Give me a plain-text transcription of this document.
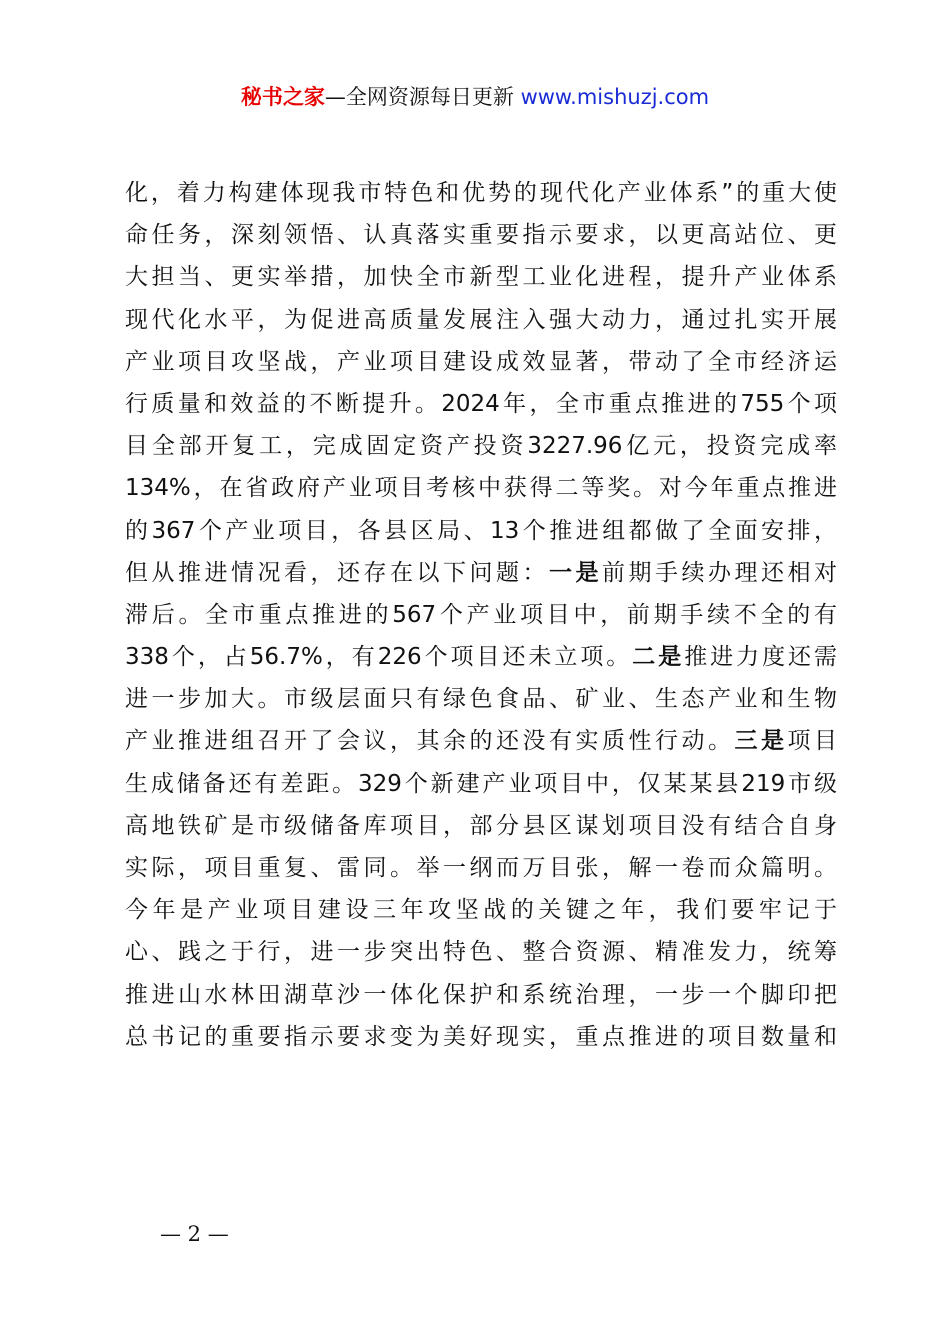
秘书之家—全网资源每日更新 www.mishuzj.com
化，着力构建体现我市特色和优势的现代化产业体系”的重大使
命任务，深刻领悟、认真落实重要指示要求，以更高站位、更
大担当、更实举措，加快全市新型工业化进程，提升产业体系
现代化水平，为促进高质量发展注入强大动力，通过扎实开展
产业项目攻坚战，产业项目建设成效显著，带动了全市经济运
行质量和效益的不断提升。2024年，全市重点推进的755个项
目全部开复工，完成固定资产投资3227.96亿元，投资完成率
134%，在省政府产业项目考核中获得二等奖。对今年重点推进
的367个产业项目，各县区局、13个推进组都做了全面安排，
但从推进情况看，还存在以下问题：一是前期手续办理还相对
滞后。全市重点推进的567个产业项目中，前期手续不全的有
338个，占56.7%，有226个项目还未立项。二是推进力度还需
进一步加大。市级层面只有绿色食品、矿业、生态产业和生物
产业推进组召开了会议，其余的还没有实质性行动。三是项目
生成储备还有差距。329个新建产业项目中，仅某某县219市级
高地铁矿是市级储备库项目，部分县区谋划项目没有结合自身
实际，项目重复、雷同。举一纲而万目张，解一卷而众篇明。
今年是产业项目建设三年攻坚战的关键之年，我们要牢记于
心、践之于行，进一步突出特色、整合资源、精准发力，统筹
推进山水林田湖草沙一体化保护和系统治理，一步一个脚印把
总书记的重要指示要求变为美好现实，重点推进的项目数量和
— 2 —
